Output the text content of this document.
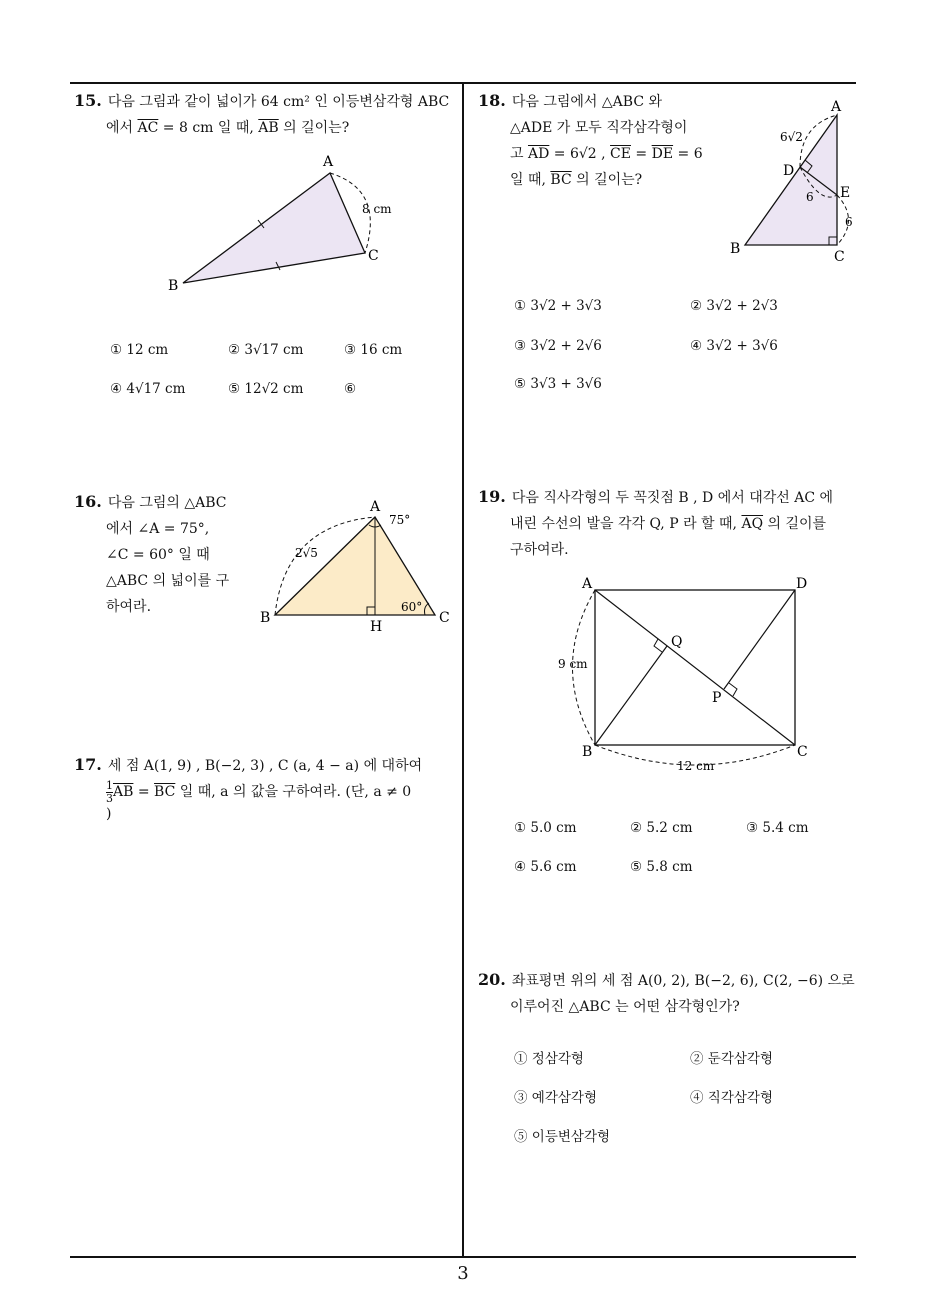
15. 다음 그림과 같이 넓이가 64 cm² 인 이등변삼각형 ABC
에서 $\overline{AC} = 8$ cm 일 때, $\overline{AB}$ 의 길이는?
A
B
C
8 cm
① 12 cm	② 3√17 cm	③ 16 cm
④ 4√17 cm	⑤ 12√2 cm	⑥
16. 다음 그림의 △ABC
에서 ∠A = 75°,
∠C = 60° 일 때
△ABC 의 넓이를 구
하여라.
A
B	C
H
75°
60°
2√5
17. 세 점 A(1, 9) , B(−2, 3) , C (a, 4 − a) 에 대하여
$\frac{1}{3} \overline{AB} = \overline{BC}$ 일 때, a 의 값을 구하여라. (단, a ≠ 0
)
18. 다음 그림에서 △ABC 와
△ADE 가 모두 직각삼각형이
고 $\overline{AD} = 6√2$ , $\overline{CE} = \overline{DE} = 6$
일 때, $\overline{BC}$ 의 길이는?
A
B	C
D
E
6√2
6
6
① 3√2 + 3√3	② 3√2 + 2√3
③ 3√2 + 2√6	④ 3√2 + 3√6
⑤ 3√3 + 3√6
19. 다음 직사각형의 두 꼭짓점 B , D 에서 대각선 AC 에
내린 수선의 발을 각각 Q, P 라 할 때, $\overline{AQ}$ 의 길이를
구하여라.
A	D
B	C
Q
P
9 cm
12 cm
① 5.0 cm	② 5.2 cm	③ 5.4 cm
④ 5.6 cm	⑤ 5.8 cm
20. 좌표평면 위의 세 점 A(0, 2), B(−2, 6), C(2, −6) 으로
이루어진 △ABC 는 어떤 삼각형인가?
① 정삼각형	② 둔각삼각형
③ 예각삼각형	④ 직각삼각형
⑤ 이등변삼각형
3
